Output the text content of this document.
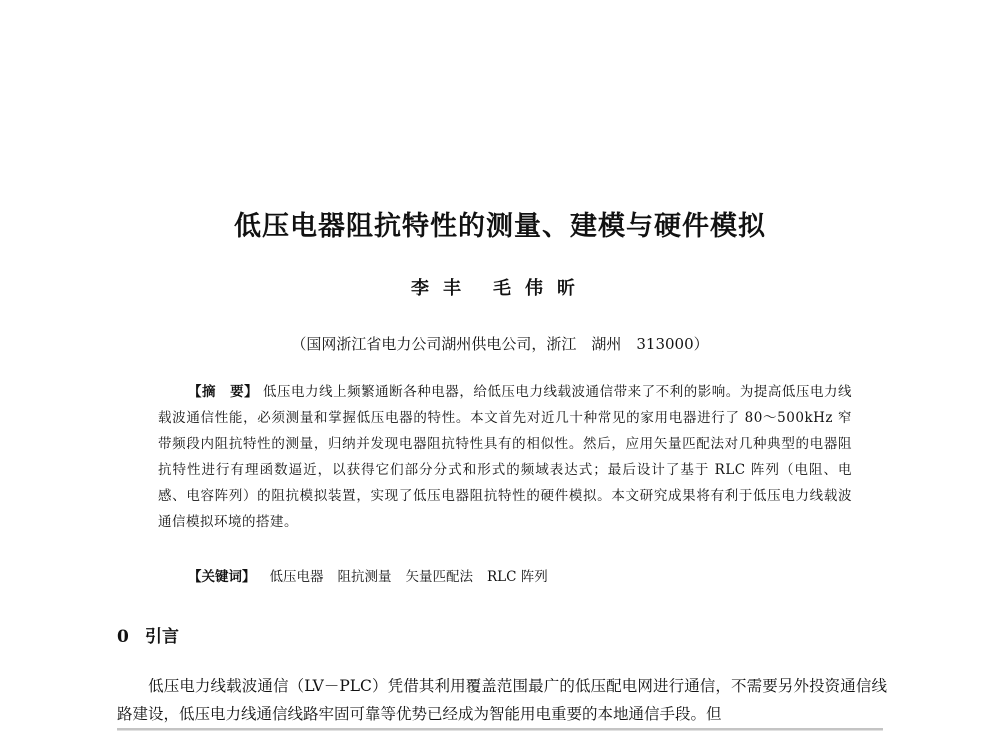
低压电器阻抗特性的测量、建模与硬件模拟
李丰 毛伟昕
（国网浙江省电力公司湖州供电公司，浙江　湖州　313000）
【摘　要】 低压电力线上频繁通断各种电器，给低压电力线载波通信带来了不利的影响。为提高低压电力线载波通信性能，必须测量和掌握低压电器的特性。本文首先对近几十种常见的家用电器进行了 80～500kHz 窄带频段内阻抗特性的测量，归纳并发现电器阻抗特性具有的相似性。然后，应用矢量匹配法对几种典型的电器阻抗特性进行有理函数逼近，以获得它们部分分式和形式的频域表达式；最后设计了基于 RLC 阵列（电阻、电感、电容阵列）的阻抗模拟装置，实现了低压电器阻抗特性的硬件模拟。本文研究成果将有利于低压电力线载波通信模拟环境的搭建。
【关键词】 低压电器 阻抗测量 矢量匹配法 RLC 阵列
0 引言
低压电力线载波通信（LV－PLC）凭借其利用覆盖范围最广的低压配电网进行通信，不需要另外投资通信线路建设，低压电力线通信线路牢固可靠等优势已经成为智能用电重要的本地通信手段。但
